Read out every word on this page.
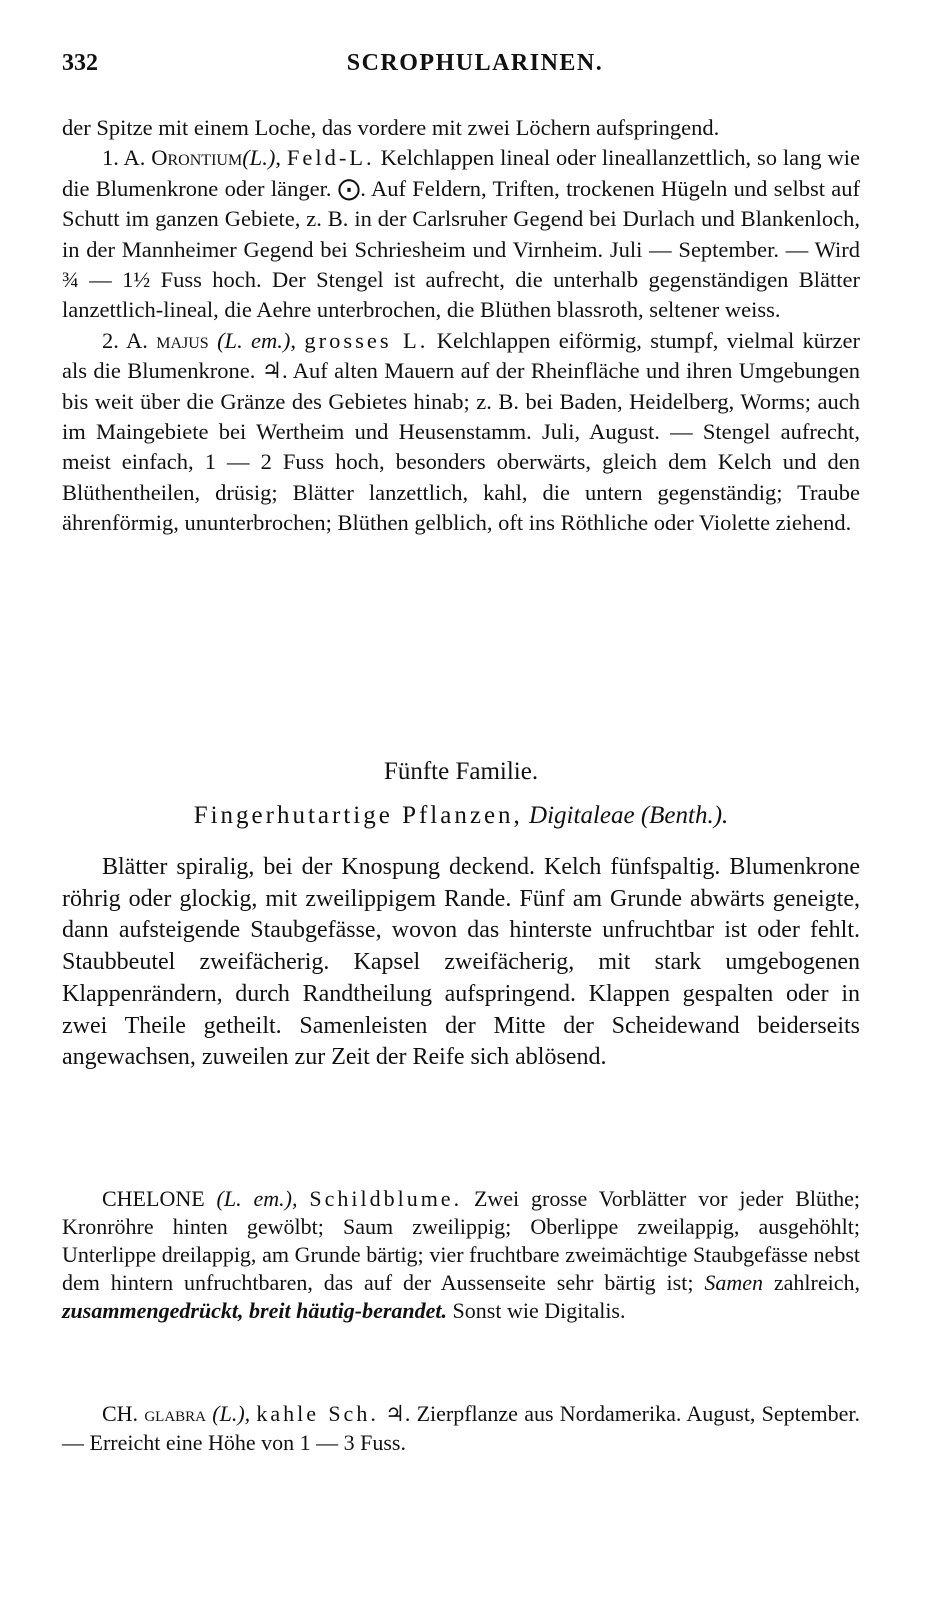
332	SCROPHULARINEN.

der Spitze mit einem Loche, das vordere mit zwei Löchern aufspringend.

1. A. Orontium(L.), Feld-L. Kelchlappen lineal oder lineallanzettlich, so lang wie die Blumenkrone oder länger. ⨀. Auf Feldern, Triften, trockenen Hügeln und selbst auf Schutt im ganzen Gebiete, z. B. in der Carlsruher Gegend bei Durlach und Blankenloch, in der Mannheimer Gegend bei Schriesheim und Virnheim. Juli — September. — Wird ¾ — 1½ Fuss hoch. Der Stengel ist aufrecht, die unterhalb gegenständigen Blätter lanzettlich-lineal, die Aehre unterbrochen, die Blüthen blassroth, seltener weiss.

2. A. majus (L. em.), grosses L. Kelchlappen eiförmig, stumpf, vielmal kürzer als die Blumenkrone. ♃. Auf alten Mauern auf der Rheinfläche und ihren Umgebungen bis weit über die Gränze des Gebietes hinab; z. B. bei Baden, Heidelberg, Worms; auch im Maingebiete bei Wertheim und Heusenstamm. Juli, August. — Stengel aufrecht, meist einfach, 1 — 2 Fuss hoch, besonders oberwärts, gleich dem Kelch und den Blüthentheilen, drüsig; Blätter lanzettlich, kahl, die untern gegenständig; Traube ährenförmig, ununterbrochen; Blüthen gelblich, oft ins Röthliche oder Violette ziehend.

Fünfte Familie.
Fingerhutartige Pflanzen, Digitaleae (Benth.).

Blätter spiralig, bei der Knospung deckend. Kelch fünfspaltig. Blumenkrone röhrig oder glockig, mit zweilippigem Rande. Fünf am Grunde abwärts geneigte, dann aufsteigende Staubgefässe, wovon das hinterste unfruchtbar ist oder fehlt. Staubbeutel zweifächerig. Kapsel zweifächerig, mit stark umgebogenen Klappenrändern, durch Randtheilung aufspringend. Klappen gespalten oder in zwei Theile getheilt. Samenleisten der Mitte der Scheidewand beiderseits angewachsen, zuweilen zur Zeit der Reife sich ablösend.

CHELONE (L. em.), Schildblume. Zwei grosse Vorblätter vor jeder Blüthe; Kronröhre hinten gewölbt; Saum zweilippig; Oberlippe zweilappig, ausgehöhlt; Unterlippe dreilappig, am Grunde bärtig; vier fruchtbare zweimächtige Staubgefässe nebst dem hintern unfruchtbaren, das auf der Aussenseite sehr bärtig ist; Samen zahlreich, zusammengedrückt, breit häutig-berandet. Sonst wie Digitalis.

CH. glabra (L.), kahle Sch. ♃. Zierpflanze aus Nordamerika. August, September. — Erreicht eine Höhe von 1 — 3 Fuss.
